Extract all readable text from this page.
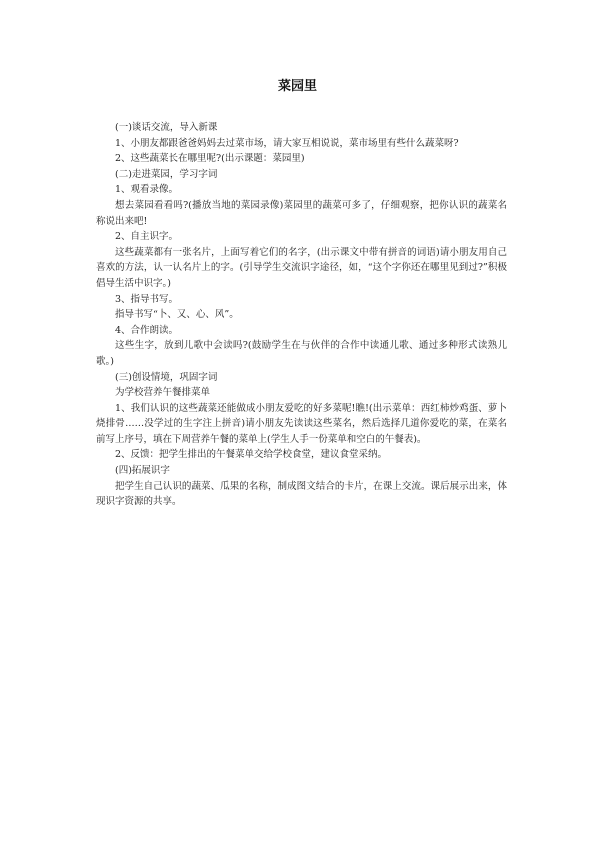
菜园里

(一)谈话交流，导入新课

1、小朋友都跟爸爸妈妈去过菜市场，请大家互相说说，菜市场里有些什么蔬菜呀?

2、这些蔬菜长在哪里呢?(出示课题：菜园里)

(二)走进菜园，学习字词

1、观看录像。

想去菜园看看吗?(播放当地的菜园录像)菜园里的蔬菜可多了，仔细观察，把你认识的蔬菜名称说出来吧!

2、自主识字。

这些蔬菜都有一张名片，上面写着它们的名字，(出示课文中带有拼音的词语)请小朋友用自己喜欢的方法，认一认名片上的字。(引导学生交流识字途径，如，“这个字你还在哪里见到过?”积极倡导生活中识字。)

3、指导书写。

指导书写“卜、又、心、风”。

4、合作朗读。

这些生字，放到儿歌中会读吗?(鼓励学生在与伙伴的合作中读通儿歌、通过多种形式读熟儿歌。)

(三)创设情境，巩固字词

为学校营养午餐排菜单

1、我们认识的这些蔬菜还能做成小朋友爱吃的好多菜呢!瞧!(出示菜单：西红柿炒鸡蛋、萝卜烧排骨……没学过的生字注上拼音)请小朋友先读读这些菜名，然后选择几道你爱吃的菜，在菜名前写上序号，填在下周营养午餐的菜单上(学生人手一份菜单和空白的午餐表)。

2、反馈：把学生排出的午餐菜单交给学校食堂，建议食堂采纳。

(四)拓展识字

把学生自己认识的蔬菜、瓜果的名称，制成图文结合的卡片，在课上交流。课后展示出来，体现识字资源的共享。
